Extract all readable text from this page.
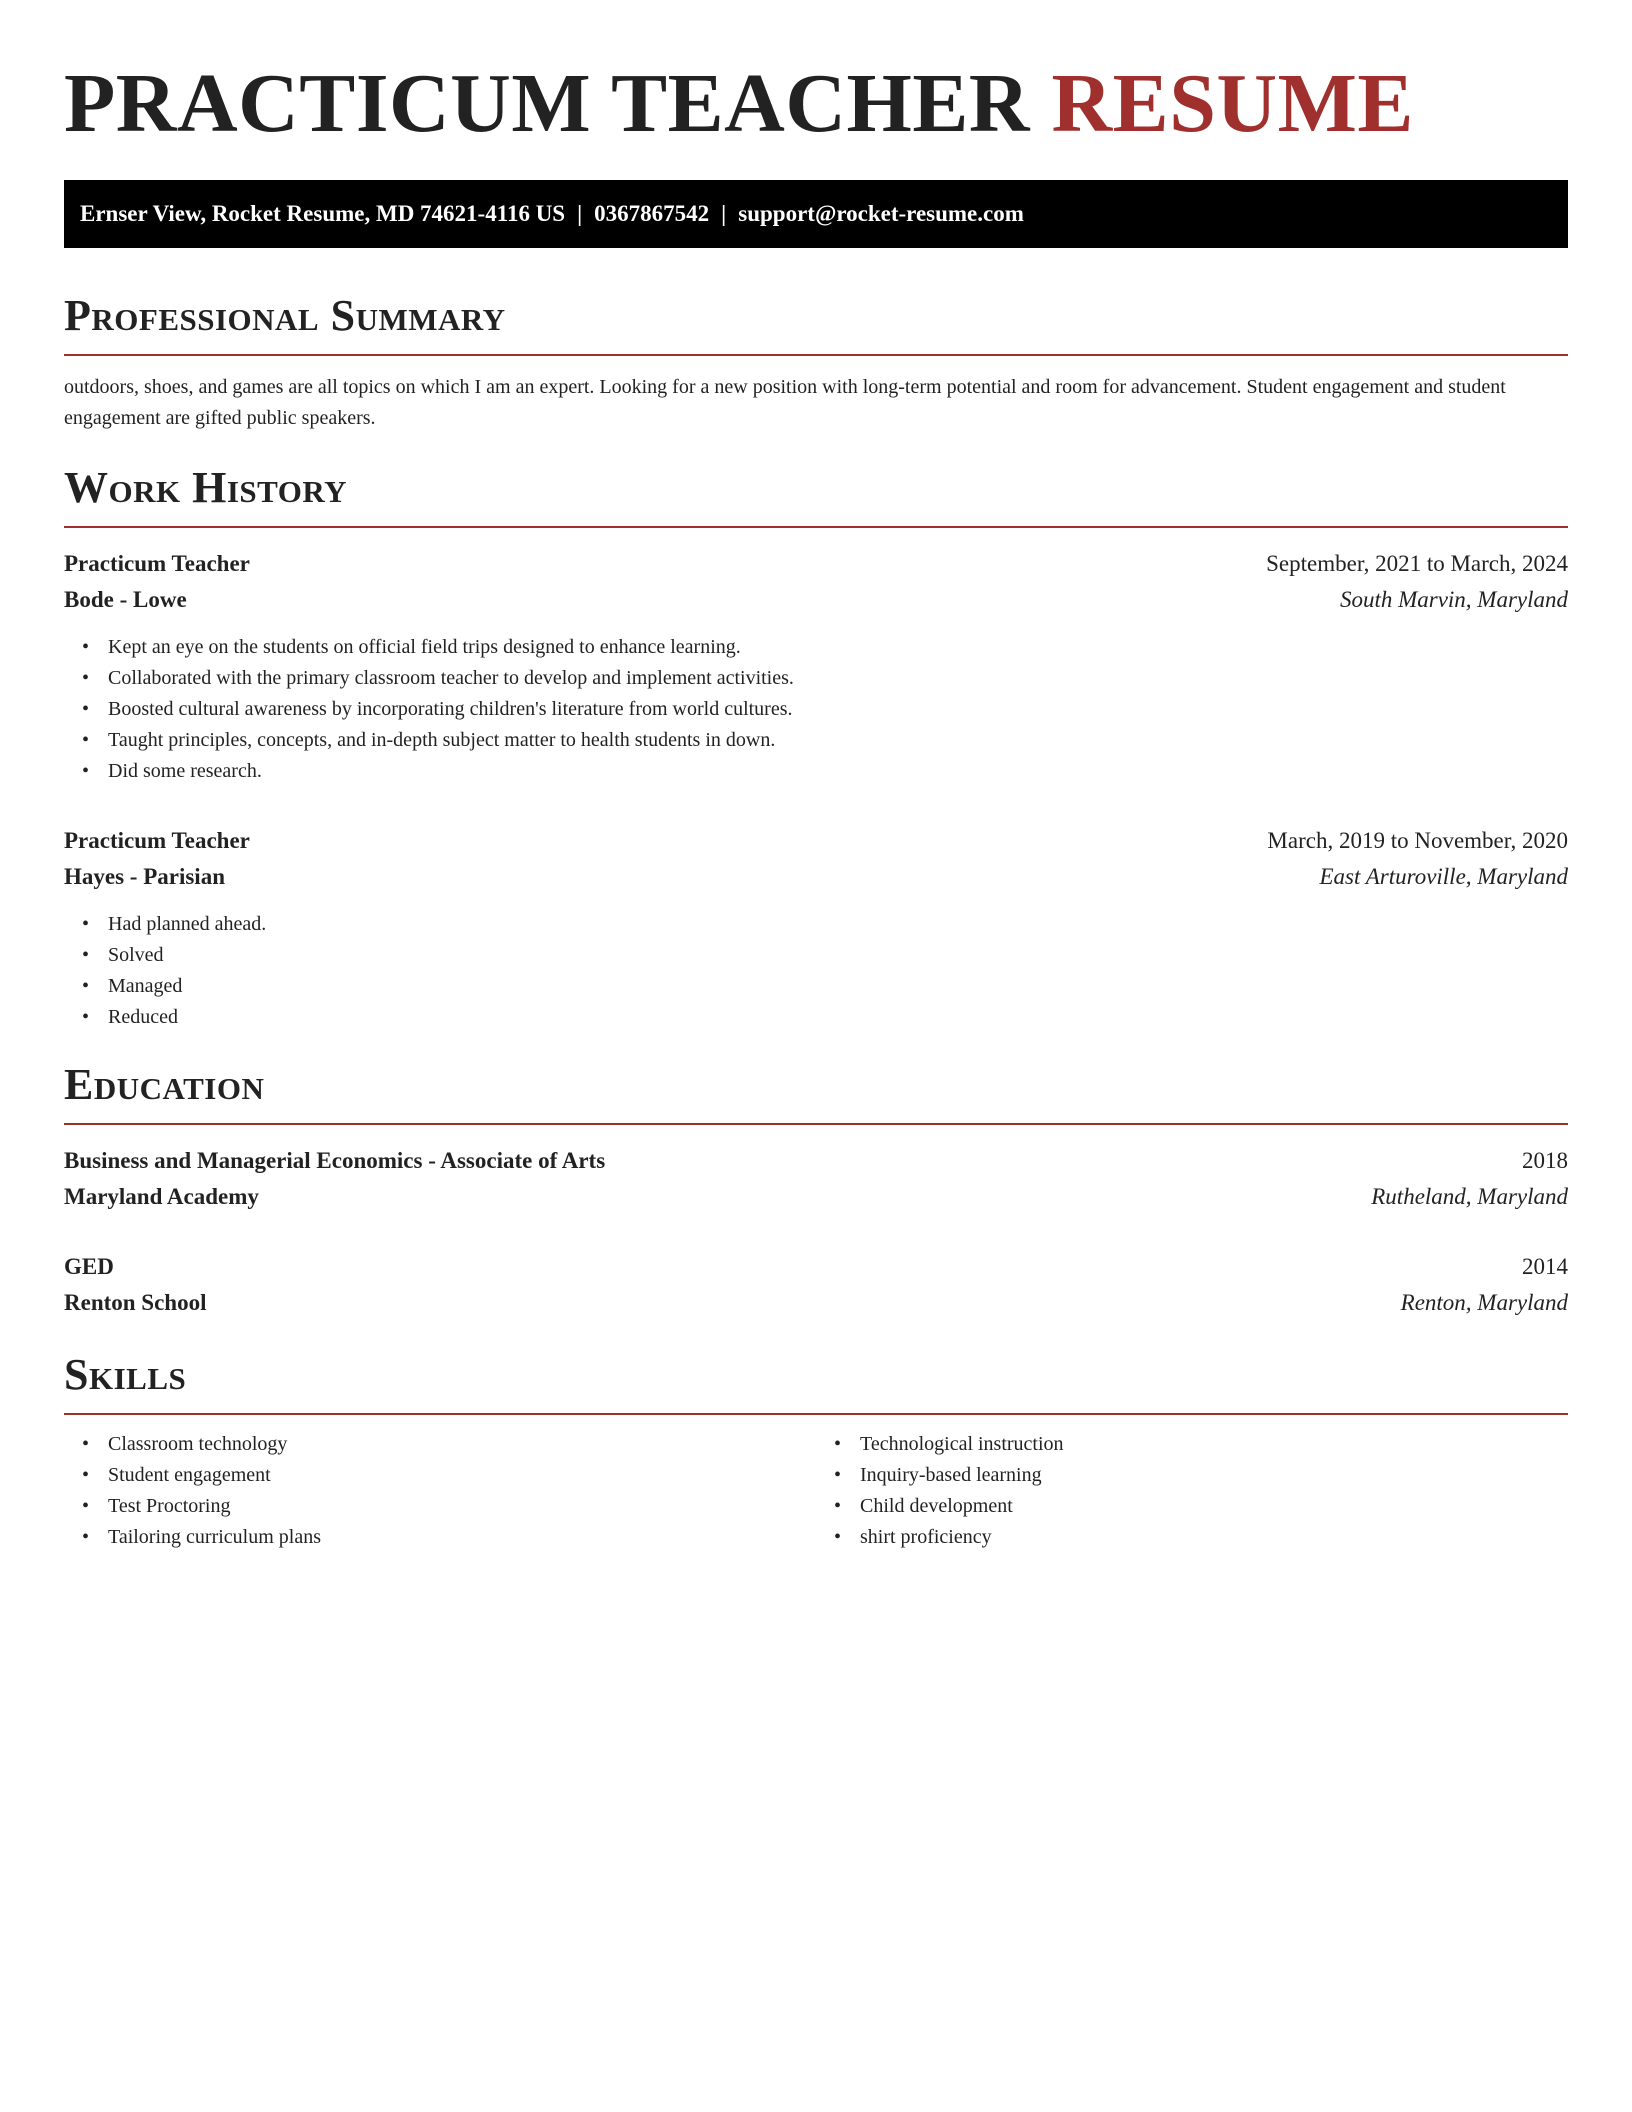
PRACTICUM TEACHER RESUME
Ernser View, Rocket Resume, MD 74621-4116 US | 0367867542 | support@rocket-resume.com
Professional Summary

outdoors, shoes, and games are all topics on which I am an expert. Looking for a new position with long-term potential and room for advancement. Student engagement and student engagement are gifted public speakers.

Work History
Practicum Teacher	September, 2021 to March, 2024
Bode - Lowe	South Marvin, Maryland
• Kept an eye on the students on official field trips designed to enhance learning.
• Collaborated with the primary classroom teacher to develop and implement activities.
• Boosted cultural awareness by incorporating children's literature from world cultures.
• Taught principles, concepts, and in-depth subject matter to health students in down.
• Did some research.
Practicum Teacher	March, 2019 to November, 2020
Hayes - Parisian	East Arturoville, Maryland
• Had planned ahead.
• Solved
• Managed
• Reduced
Education
Business and Managerial Economics - Associate of Arts	2018
Maryland Academy	Rutheland, Maryland
GED	2014
Renton School	Renton, Maryland
Skills
• Classroom technology
• Student engagement
• Test Proctoring
• Tailoring curriculum plans
• Technological instruction
• Inquiry-based learning
• Child development
• shirt proficiency
